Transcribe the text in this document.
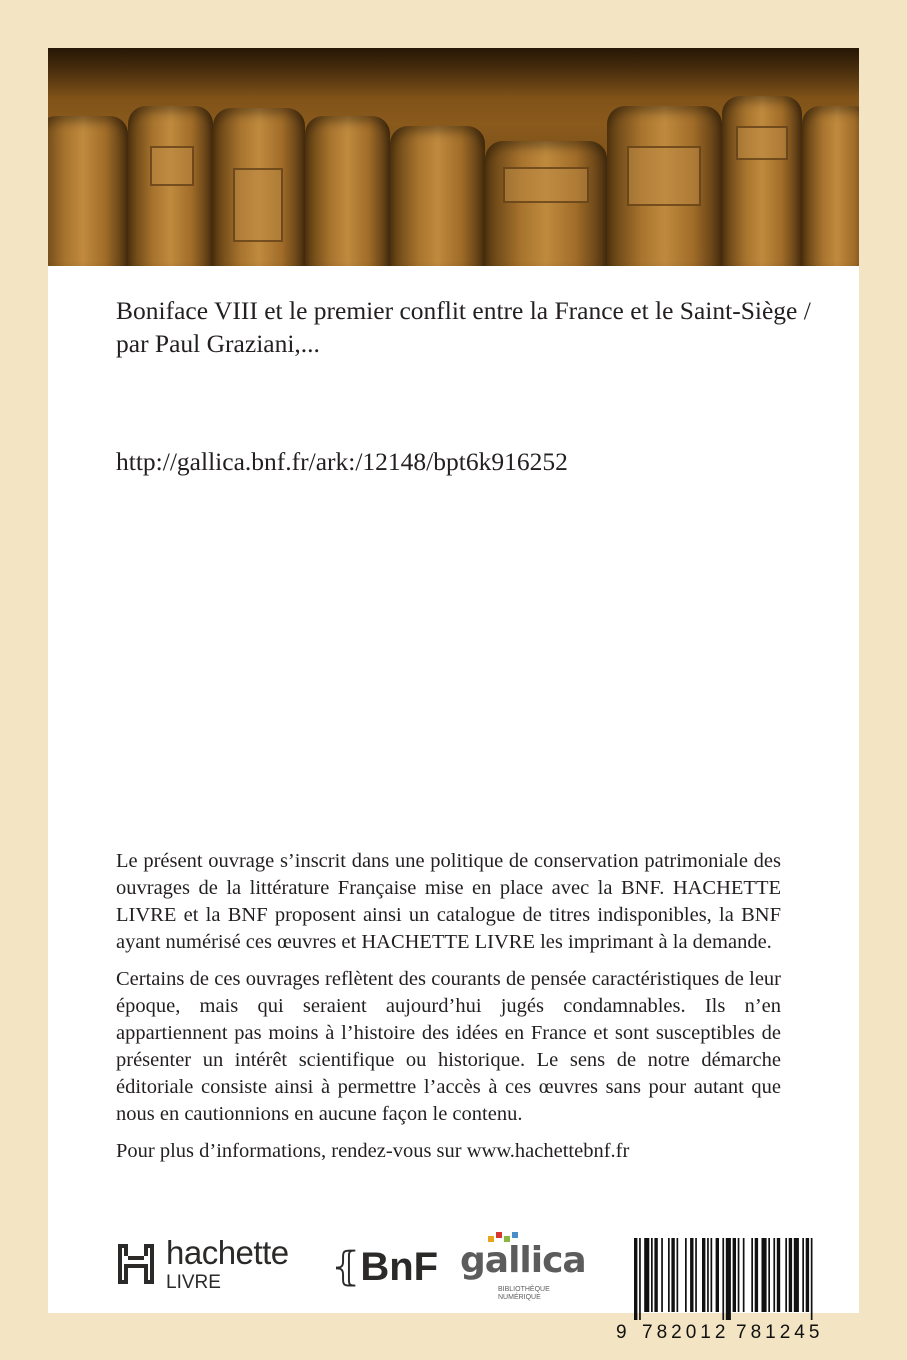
Boniface VIII et le premier conflit entre la France et le Saint-Siège / par Paul Graziani,...
http://gallica.bnf.fr/ark:/12148/bpt6k916252

Le présent ouvrage s’inscrit dans une politique de conservation patrimoniale des ouvrages de la littérature Française mise en place avec la BNF. HACHETTE LIVRE et la BNF proposent ainsi un catalogue de titres indisponibles, la BNF ayant numérisé ces œuvres et HACHETTE LIVRE les imprimant à la demande.

Certains de ces ouvrages reflètent des courants de pensée caractéristiques de leur époque, mais qui seraient aujourd’hui jugés condamnables. Ils n’en appartiennent pas moins à l’histoire des idées en France et sont susceptibles de présenter un intérêt scientifique ou historique. Le sens de notre démarche éditoriale consiste ainsi à permettre l’accès à ces œuvres sans pour autant que nous en cautionnions en aucune façon le contenu.

Pour plus d’informations, rendez-vous sur www.hachettebnf.fr

hachette
LIVRE	⦃BnF gallica
BIBLIOTHÈQUE
NUMÉRIQUE
9 782012 781245
